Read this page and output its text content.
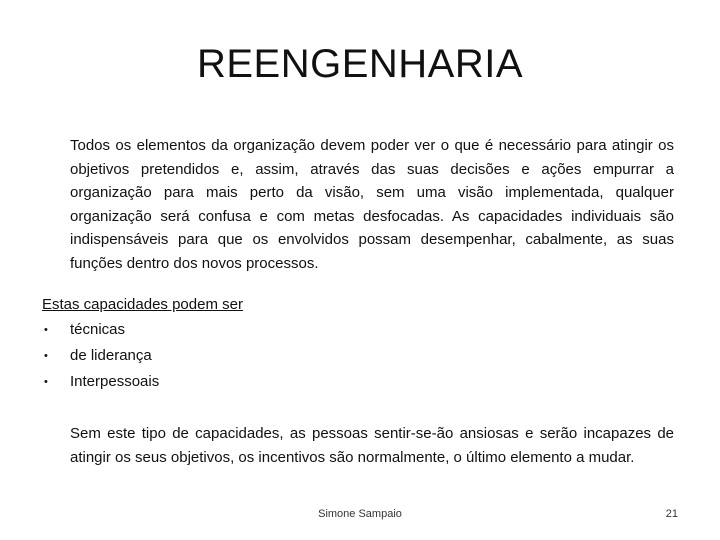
REENGENHARIA
Todos os elementos da organização devem poder ver o que é necessário para atingir os objetivos pretendidos e, assim, através das suas decisões e ações empurrar a organização para mais perto da visão, sem uma visão implementada, qualquer organização será confusa e com metas desfocadas. As capacidades individuais são indispensáveis para que os envolvidos possam desempenhar, cabalmente, as suas funções dentro dos novos processos.
Estas capacidades podem ser
• técnicas
• de liderança
• Interpessoais
Sem este tipo de capacidades, as pessoas sentir-se-ão ansiosas e serão incapazes de atingir os seus objetivos, os incentivos são normalmente, o último elemento a mudar.
Simone Sampaio	21
